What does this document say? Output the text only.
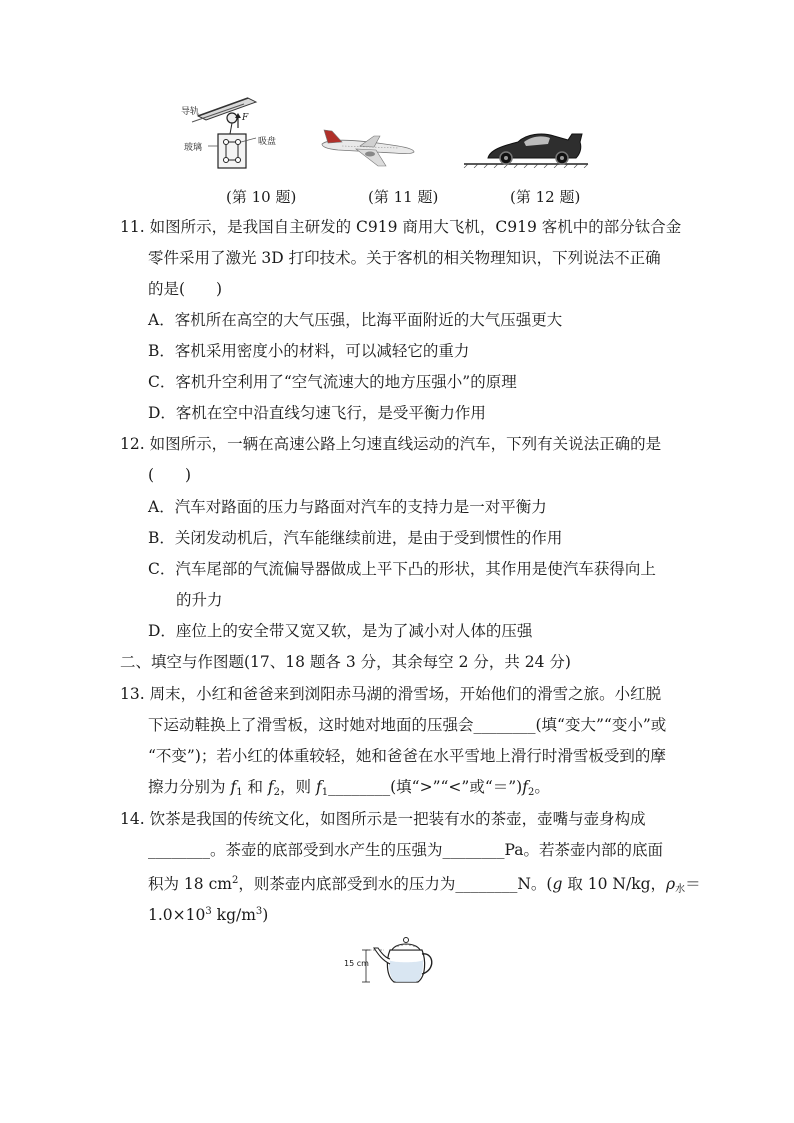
导轨
F
玻璃
吸盘
(第 10 题)	(第 11 题)	(第 12 题)
11. 如图所示，是我国自主研发的 C919 商用大飞机，C919 客机中的部分钛合金
零件采用了激光 3D 打印技术。关于客机的相关物理知识，下列说法不正确
的是(　　)
A．客机所在高空的大气压强，比海平面附近的大气压强更大
B．客机采用密度小的材料，可以减轻它的重力
C．客机升空利用了“空气流速大的地方压强小”的原理
D．客机在空中沿直线匀速飞行，是受平衡力作用
12. 如图所示，一辆在高速公路上匀速直线运动的汽车，下列有关说法正确的是
(　　)
A．汽车对路面的压力与路面对汽车的支持力是一对平衡力
B．关闭发动机后，汽车能继续前进，是由于受到惯性的作用
C．汽车尾部的气流偏导器做成上平下凸的形状，其作用是使汽车获得向上
的升力
D．座位上的安全带又宽又软，是为了减小对人体的压强
二、填空与作图题(17、18 题各 3 分，其余每空 2 分，共 24 分)
13. 周末，小红和爸爸来到浏阳赤马湖的滑雪场，开始他们的滑雪之旅。小红脱
下运动鞋换上了滑雪板，这时她对地面的压强会________(填“变大”“变小”或
“不变”)；若小红的体重较轻，她和爸爸在水平雪地上滑行时滑雪板受到的摩
擦力分别为 $f_1$ 和 $f_2$，则 $f_1\_\_\_\_\_\_\_\_$(填“>”“<”或“$=”)f_2$。
14. 饮茶是我国的传统文化，如图所示是一把装有水的茶壶，壶嘴与壶身构成
________。茶壶的底部受到水产生的压强为________Pa。若茶壶内部的底面
积为 18 $cm^2$，则茶壶内底部受到水的压力为________N。(g 取 10 N/kg，$\rho_水=$
$1.0\times 10^3$ $kg/m^3$)
15 cm
